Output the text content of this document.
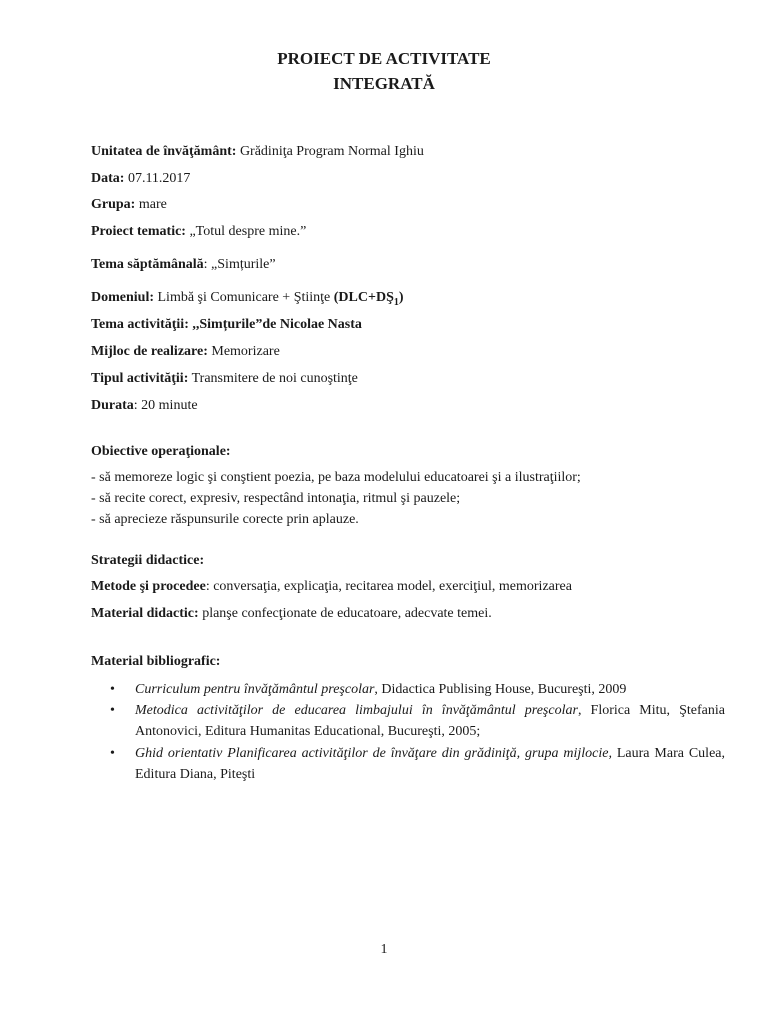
PROIECT DE ACTIVITATE
INTEGRATĂ
Unitatea de învăţământ: Grădiniţa Program Normal Ighiu
Data: 07.11.2017
Grupa: mare
Proiect tematic: „Totul despre mine.”
Tema săptămânală: „Simțurile”
Domeniul: Limbă şi Comunicare + Ştiinţe $(DLC+DŞ_1)$
Tema activităţii: ,,Simțurile”de Nicolae Nasta
Mijloc de realizare: Memorizare
Tipul activităţii: Transmitere de noi cunoştinţe
Durata: 20 minute
Obiective operaţionale:
- să memoreze logic şi conştient poezia, pe baza modelului educatoarei şi a ilustraţiilor;
- să recite corect, expresiv, respectând intonaţia, ritmul şi pauzele;
- să aprecieze răspunsurile corecte prin aplauze.
Strategii didactice:
Metode şi procedee: conversaţia, explicaţia, recitarea model, exerciţiul, memorizarea
Material didactic: planşe confecţionate de educatoare, adecvate temei.
Material bibliografic:
• Curriculum pentru învăţământul preşcolar, Didactica Publising House, Bucureşti, 2009
• Metodica activităţilor de educarea limbajului în învăţământul preşcolar, Florica Mitu, Ştefania Antonovici, Editura Humanitas Educational, Bucureşti, 2005;
• Ghid orientativ Planificarea activităţilor de învăţare din grădiniţă, grupa mijlocie, Laura Mara Culea, Editura Diana, Piteşti
1
